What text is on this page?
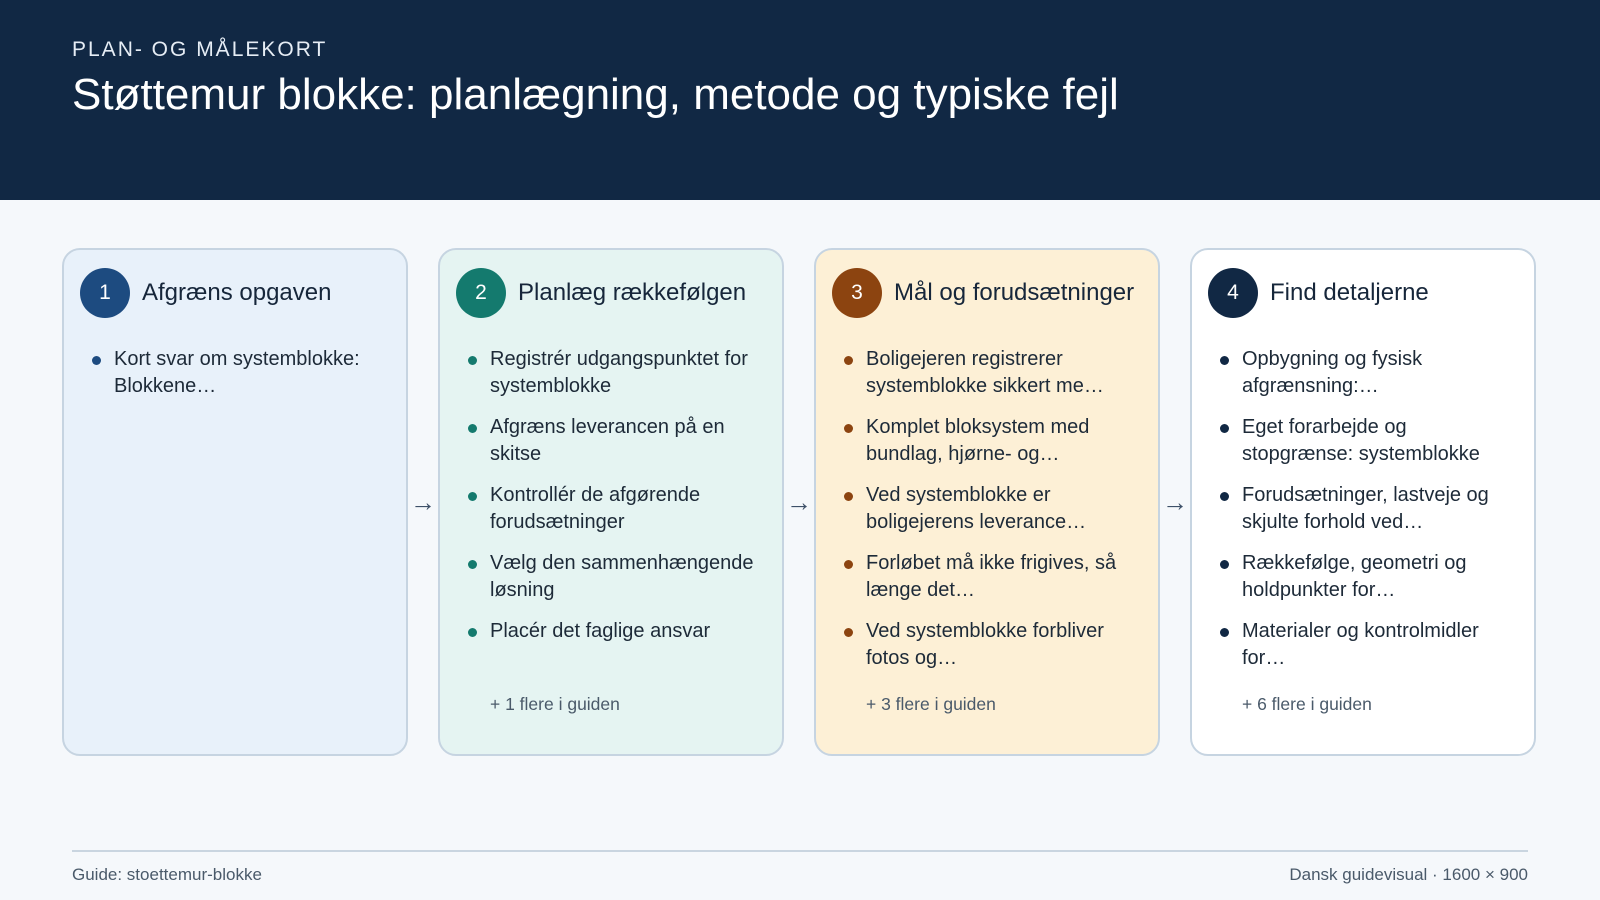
PLAN- OG MÅLEKORT
Støttemur blokke: planlægning, metode og typiske fejl
1	Afgræns opgaven
Kort svar om systemblokke: Blokkene…
→
2	Planlæg rækkefølgen
Registrér udgangspunktet for systemblokke
Afgræns leverancen på en skitse
Kontrollér de afgørende forudsætninger
Vælg den sammenhængende løsning
Placér det faglige ansvar
+ 1 flere i guiden
→
3	Mål og forudsætninger
Boligejeren registrerer systemblokke sikkert me…
Komplet bloksystem med bundlag, hjørne- og…
Ved systemblokke er boligejerens leverance…
Forløbet må ikke frigives, så længe det…
Ved systemblokke forbliver fotos og…
+ 3 flere i guiden
→
4	Find detaljerne
Opbygning og fysisk afgrænsning:…
Eget forarbejde og stopgrænse: systemblokke
Forudsætninger, lastveje og skjulte forhold ved…
Rækkefølge, geometri og holdpunkter for…
Materialer og kontrolmidler for…
+ 6 flere i guiden
Guide: stoettemur-blokke	Dansk guidevisual · 1600 × 900
